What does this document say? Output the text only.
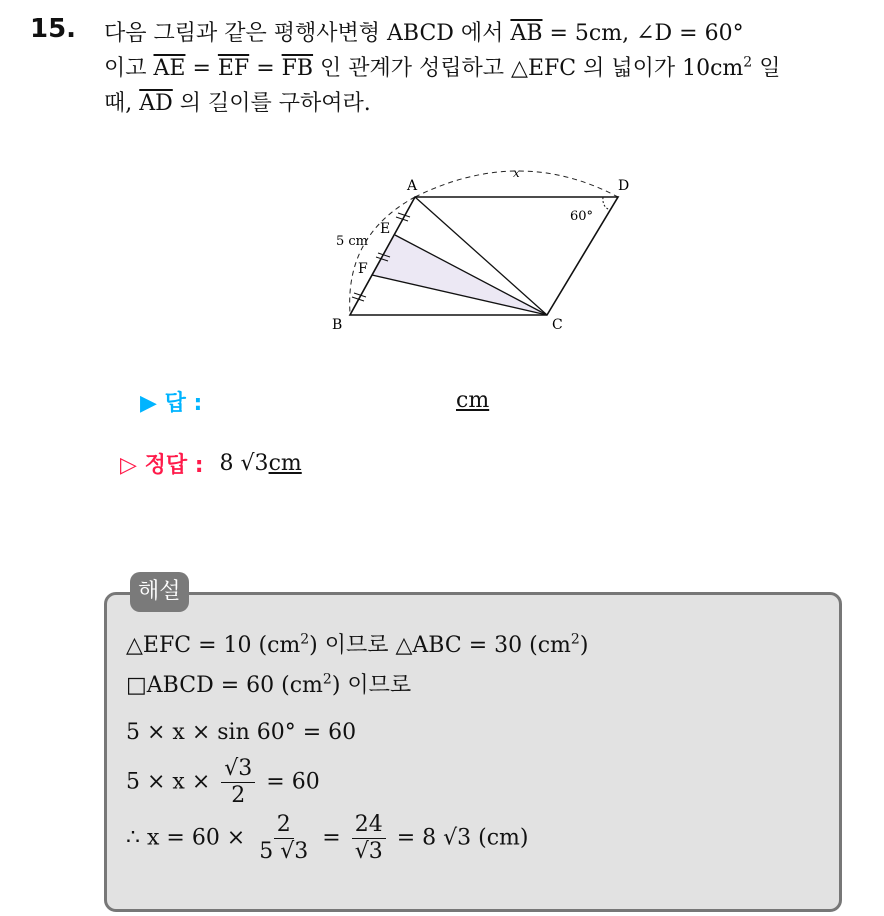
15. 다음 그림과 같은 평행사변형 ABCD 에서 $\overline{AB} = 5cm$, ∠D = 60°
이고 $\overline{AE} = \overline{EF} = \overline{FB}$ 인 관계가 성립하고 △EFC 의 넓이가 $10cm^2$ 일
때, $\overline{AD}$ 의 길이를 구하여라.
A	D
B	C
E
F
x
5 cm
60°
▶ 답 :	cm
▷ 정답 : 8 √3cm
해설
△EFC = 10 $(cm^2)$ 이므로 △ABC = 30 $(cm^2)$
□ABCD = 60 $(cm^2)$ 이므로
5 × x × sin 60° = 60
$5 \times x \times \frac{√3}{2} = 60$
∴ $x = 60 \times \frac{2}{5 √3} = \frac{24}{√3} = 8$ √3 (cm)
